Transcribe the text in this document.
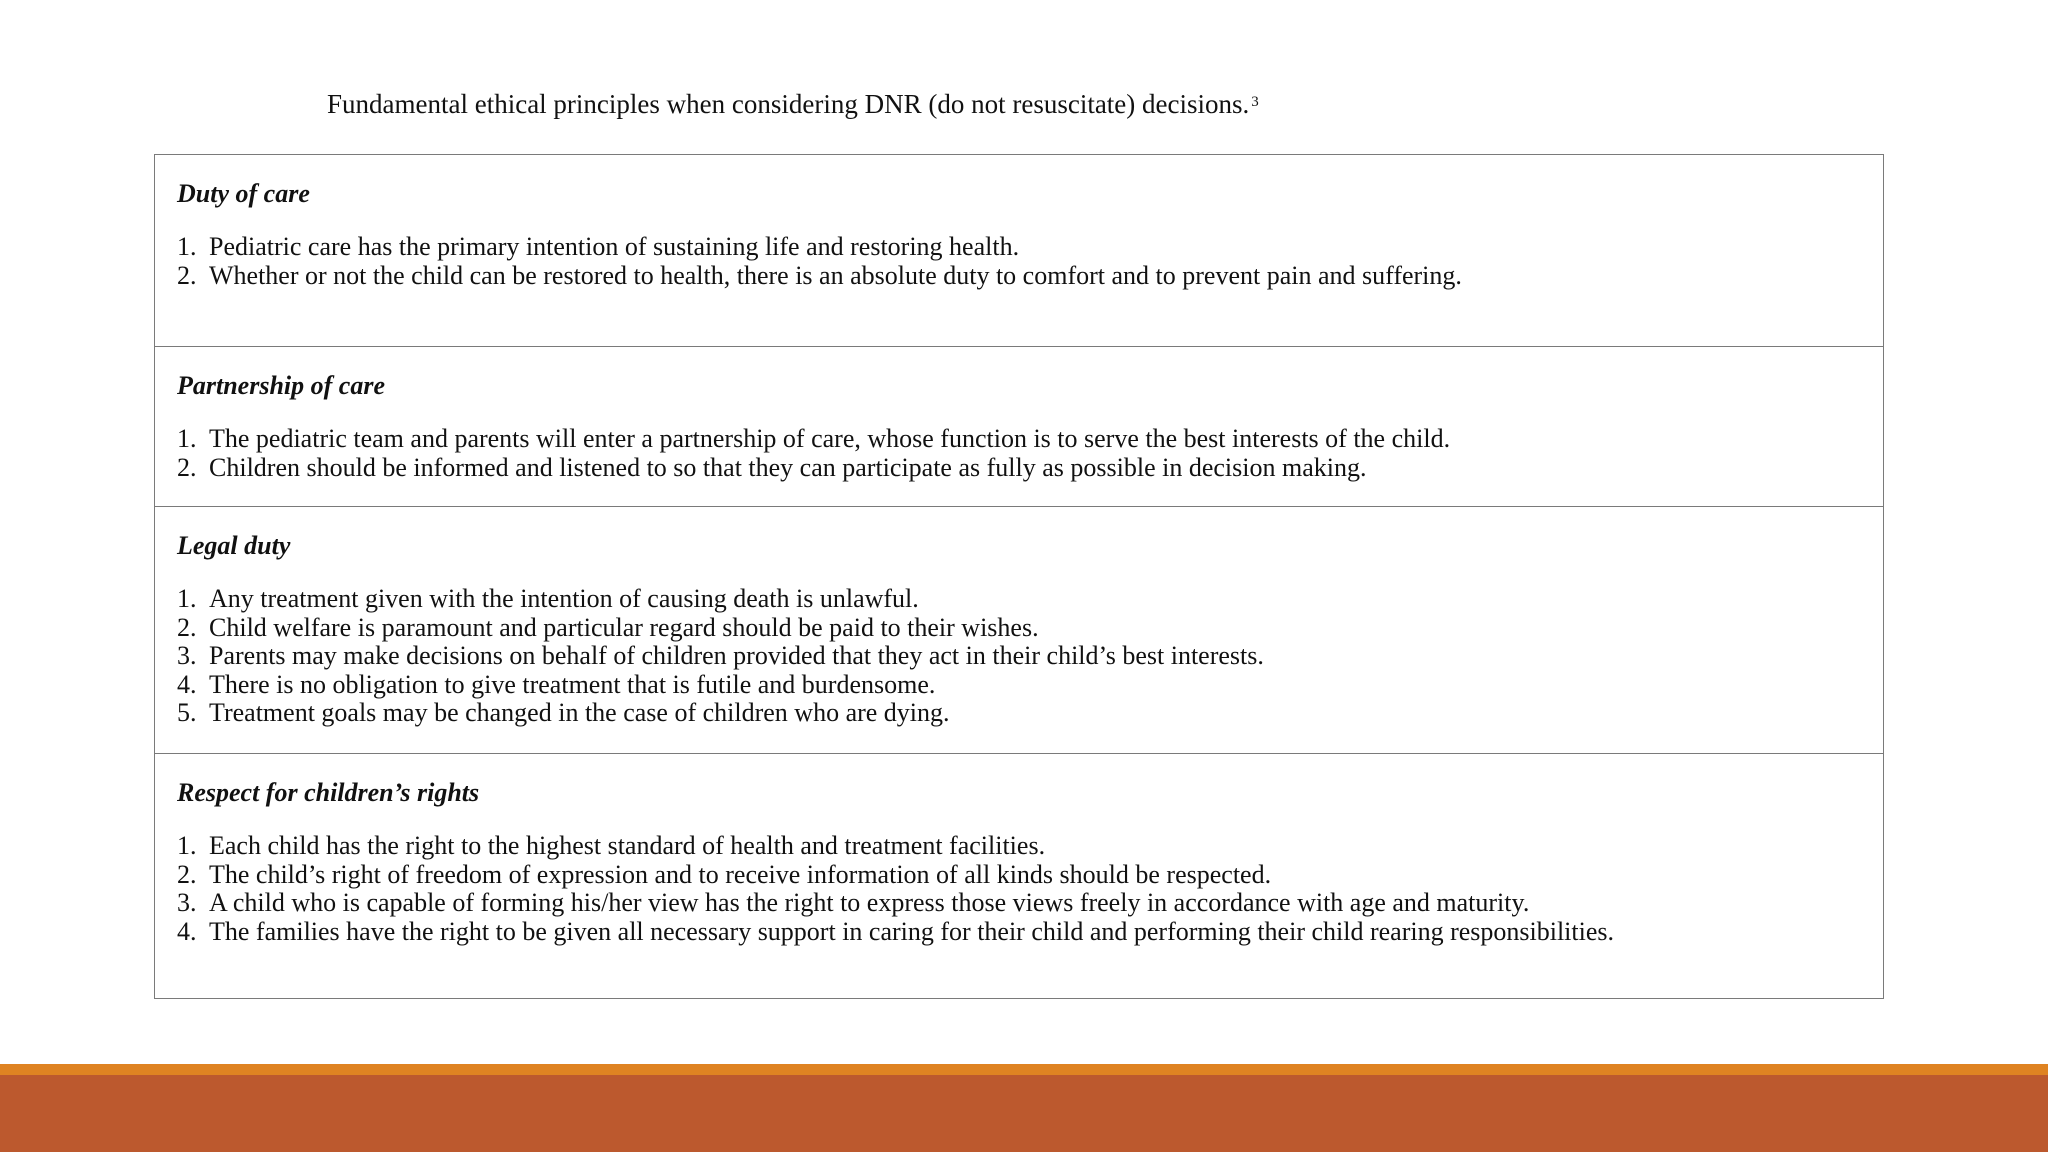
Fundamental ethical principles when considering DNR (do not resuscitate) decisions. $^3$
Duty of care
1. Pediatric care has the primary intention of sustaining life and restoring health.
2. Whether or not the child can be restored to health, there is an absolute duty to comfort and to prevent pain and suffering.
Partnership of care
1. The pediatric team and parents will enter a partnership of care, whose function is to serve the best interests of the child.
2. Children should be informed and listened to so that they can participate as fully as possible in decision making.
Legal duty
1. Any treatment given with the intention of causing death is unlawful.
2. Child welfare is paramount and particular regard should be paid to their wishes.
3. Parents may make decisions on behalf of children provided that they act in their child’s best interests.
4. There is no obligation to give treatment that is futile and burdensome.
5. Treatment goals may be changed in the case of children who are dying.
Respect for children’s rights
1. Each child has the right to the highest standard of health and treatment facilities.
2. The child’s right of freedom of expression and to receive information of all kinds should be respected.
3. A child who is capable of forming his/her view has the right to express those views freely in accordance with age and maturity.
4. The families have the right to be given all necessary support in caring for their child and performing their child rearing responsibilities.
